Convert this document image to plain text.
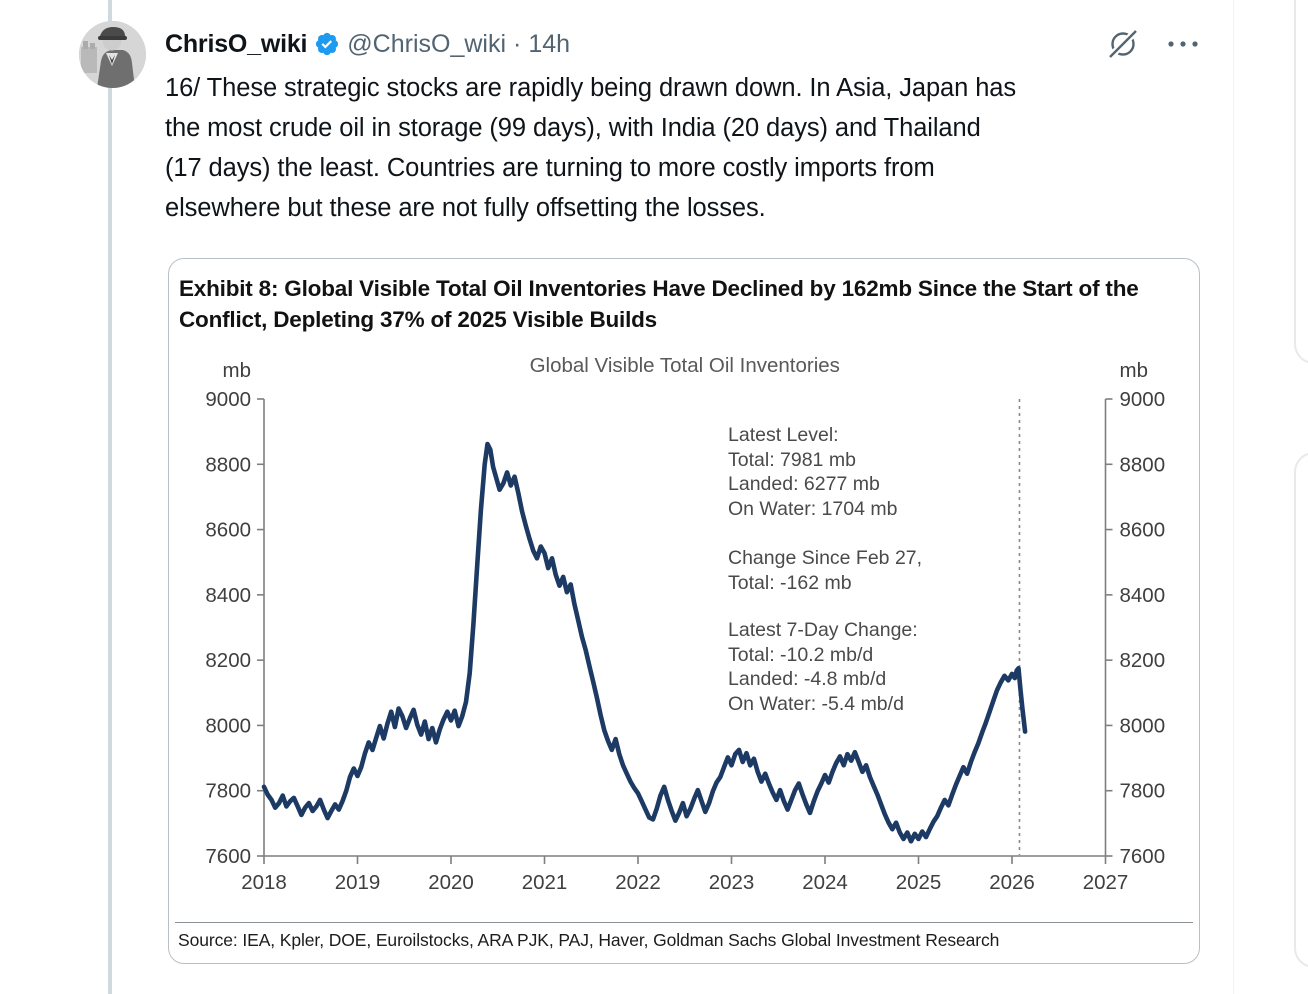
ChrisO_wiki @ChrisO_wiki · 14h
16/ These strategic stocks are rapidly being drawn down. In Asia, Japan has
the most crude oil in storage (99 days), with India (20 days) and Thailand
(17 days) the least. Countries are turning to more costly imports from
elsewhere but these are not fully offsetting the losses.
Exhibit 8: Global Visible Total Oil Inventories Have Declined by 162mb Since the Start of the
Conflict, Depleting 37% of 2025 Visible Builds
Global Visible Total Oil Inventories
mb	mb
7600	7600
7800	7800
8000	8000
8200	8200
8400	8400
8600	8600
8800	8800
9000	9000
2018 2019 2020 2021 2022 2023 2024 2025 2026 2027
Latest Level:
Total: 7981 mb
Landed: 6277 mb
On Water: 1704 mb
Change Since Feb 27,
Total: -162 mb
Latest 7-Day Change:
Total: -10.2 mb/d
Landed: -4.8 mb/d
On Water: -5.4 mb/d
Source: IEA, Kpler, DOE, Euroilstocks, ARA PJK, PAJ, Haver, Goldman Sachs Global Investment Research
